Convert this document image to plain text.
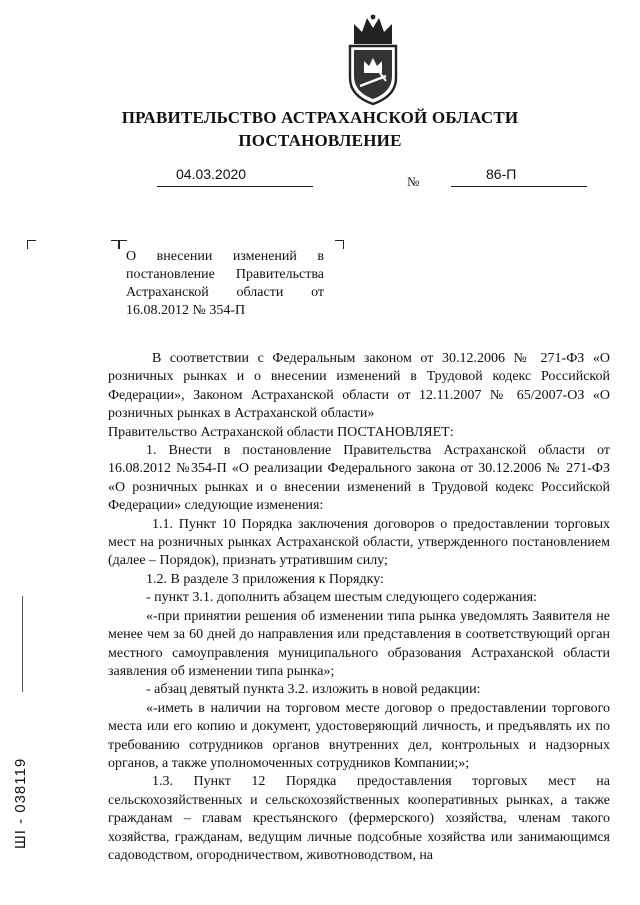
ПРАВИТЕЛЬСТВО АСТРАХАНСКОЙ ОБЛАСТИ
ПОСТАНОВЛЕНИЕ
04.03.2020	№	86-П
О внесении изменений в постановление Правительства Астраханской области от 16.08.2012 № 354-П

В соответствии с Федеральным законом от 30.12.2006 № 271-ФЗ «О розничных рынках и о внесении изменений в Трудовой кодекс Российской Федерации», Законом Астраханской области от 12.11.2007 № 65/2007-ОЗ «О розничных рынках в Астраханской области»

Правительство Астраханской области ПОСТАНОВЛЯЕТ:

1. Внести в постановление Правительства Астраханской области от 16.08.2012 №354-П «О реализации Федерального закона от 30.12.2006 № 271-ФЗ «О розничных рынках и о внесении изменений в Трудовой кодекс Российской Федерации» следующие изменения:

1.1. Пункт 10 Порядка заключения договоров о предоставлении торговых мест на розничных рынках Астраханской области, утвержденного постановлением (далее – Порядок), признать утратившим силу;

1.2. В разделе 3 приложения к Порядку:

- пункт 3.1. дополнить абзацем шестым следующего содержания:

«-при принятии решения об изменении типа рынка уведомлять Заявителя не менее чем за 60 дней до направления или представления в соответствующий орган местного самоуправления муниципального образования Астраханской области заявления об изменении типа рынка»;

- абзац девятый пункта 3.2. изложить в новой редакции:

«-иметь в наличии на торговом месте договор о предоставлении торгового места или его копию и документ, удостоверяющий личность, и предъявлять их по требованию сотрудников органов внутренних дел, контрольных и надзорных органов, а также уполномоченных сотрудников Компании;»;

1.3. Пункт 12 Порядка предоставления торговых мест на сельскохозяйственных и сельскохозяйственных кооперативных рынках, а также гражданам – главам крестьянского (фермерского) хозяйства, членам такого хозяйства, гражданам, ведущим личные подсобные хозяйства или занимающимся садоводством, огородничеством, животноводством, на

ШІ - 038119
